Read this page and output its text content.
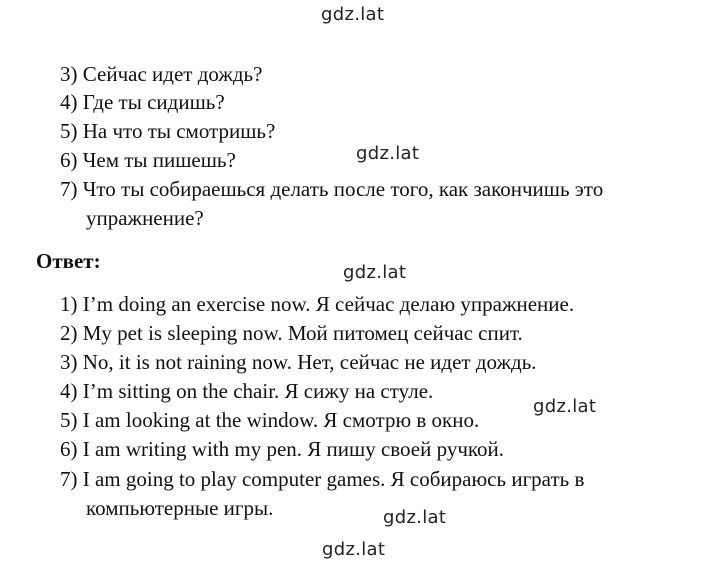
gdz.lat
gdz.lat
gdz.lat
gdz.lat
gdz.lat
gdz.lat
3) Сейчас идет дождь?
4) Где ты сидишь?
5) На что ты смотришь?
6) Чем ты пишешь?
7) Что ты собираешься делать после того, как закончишь это
упражнение?
Ответ:
1) I’m doing an exercise now. Я сейчас делаю упражнение.
2) My pet is sleeping now. Мой питомец сейчас спит.
3) No, it is not raining now. Нет, сейчас не идет дождь.
4) I’m sitting on the chair. Я сижу на стуле.
5) I am looking at the window. Я смотрю в окно.
6) I am writing with my pen. Я пишу своей ручкой.
7) I am going to play computer games. Я собираюсь играть в
компьютерные игры.
